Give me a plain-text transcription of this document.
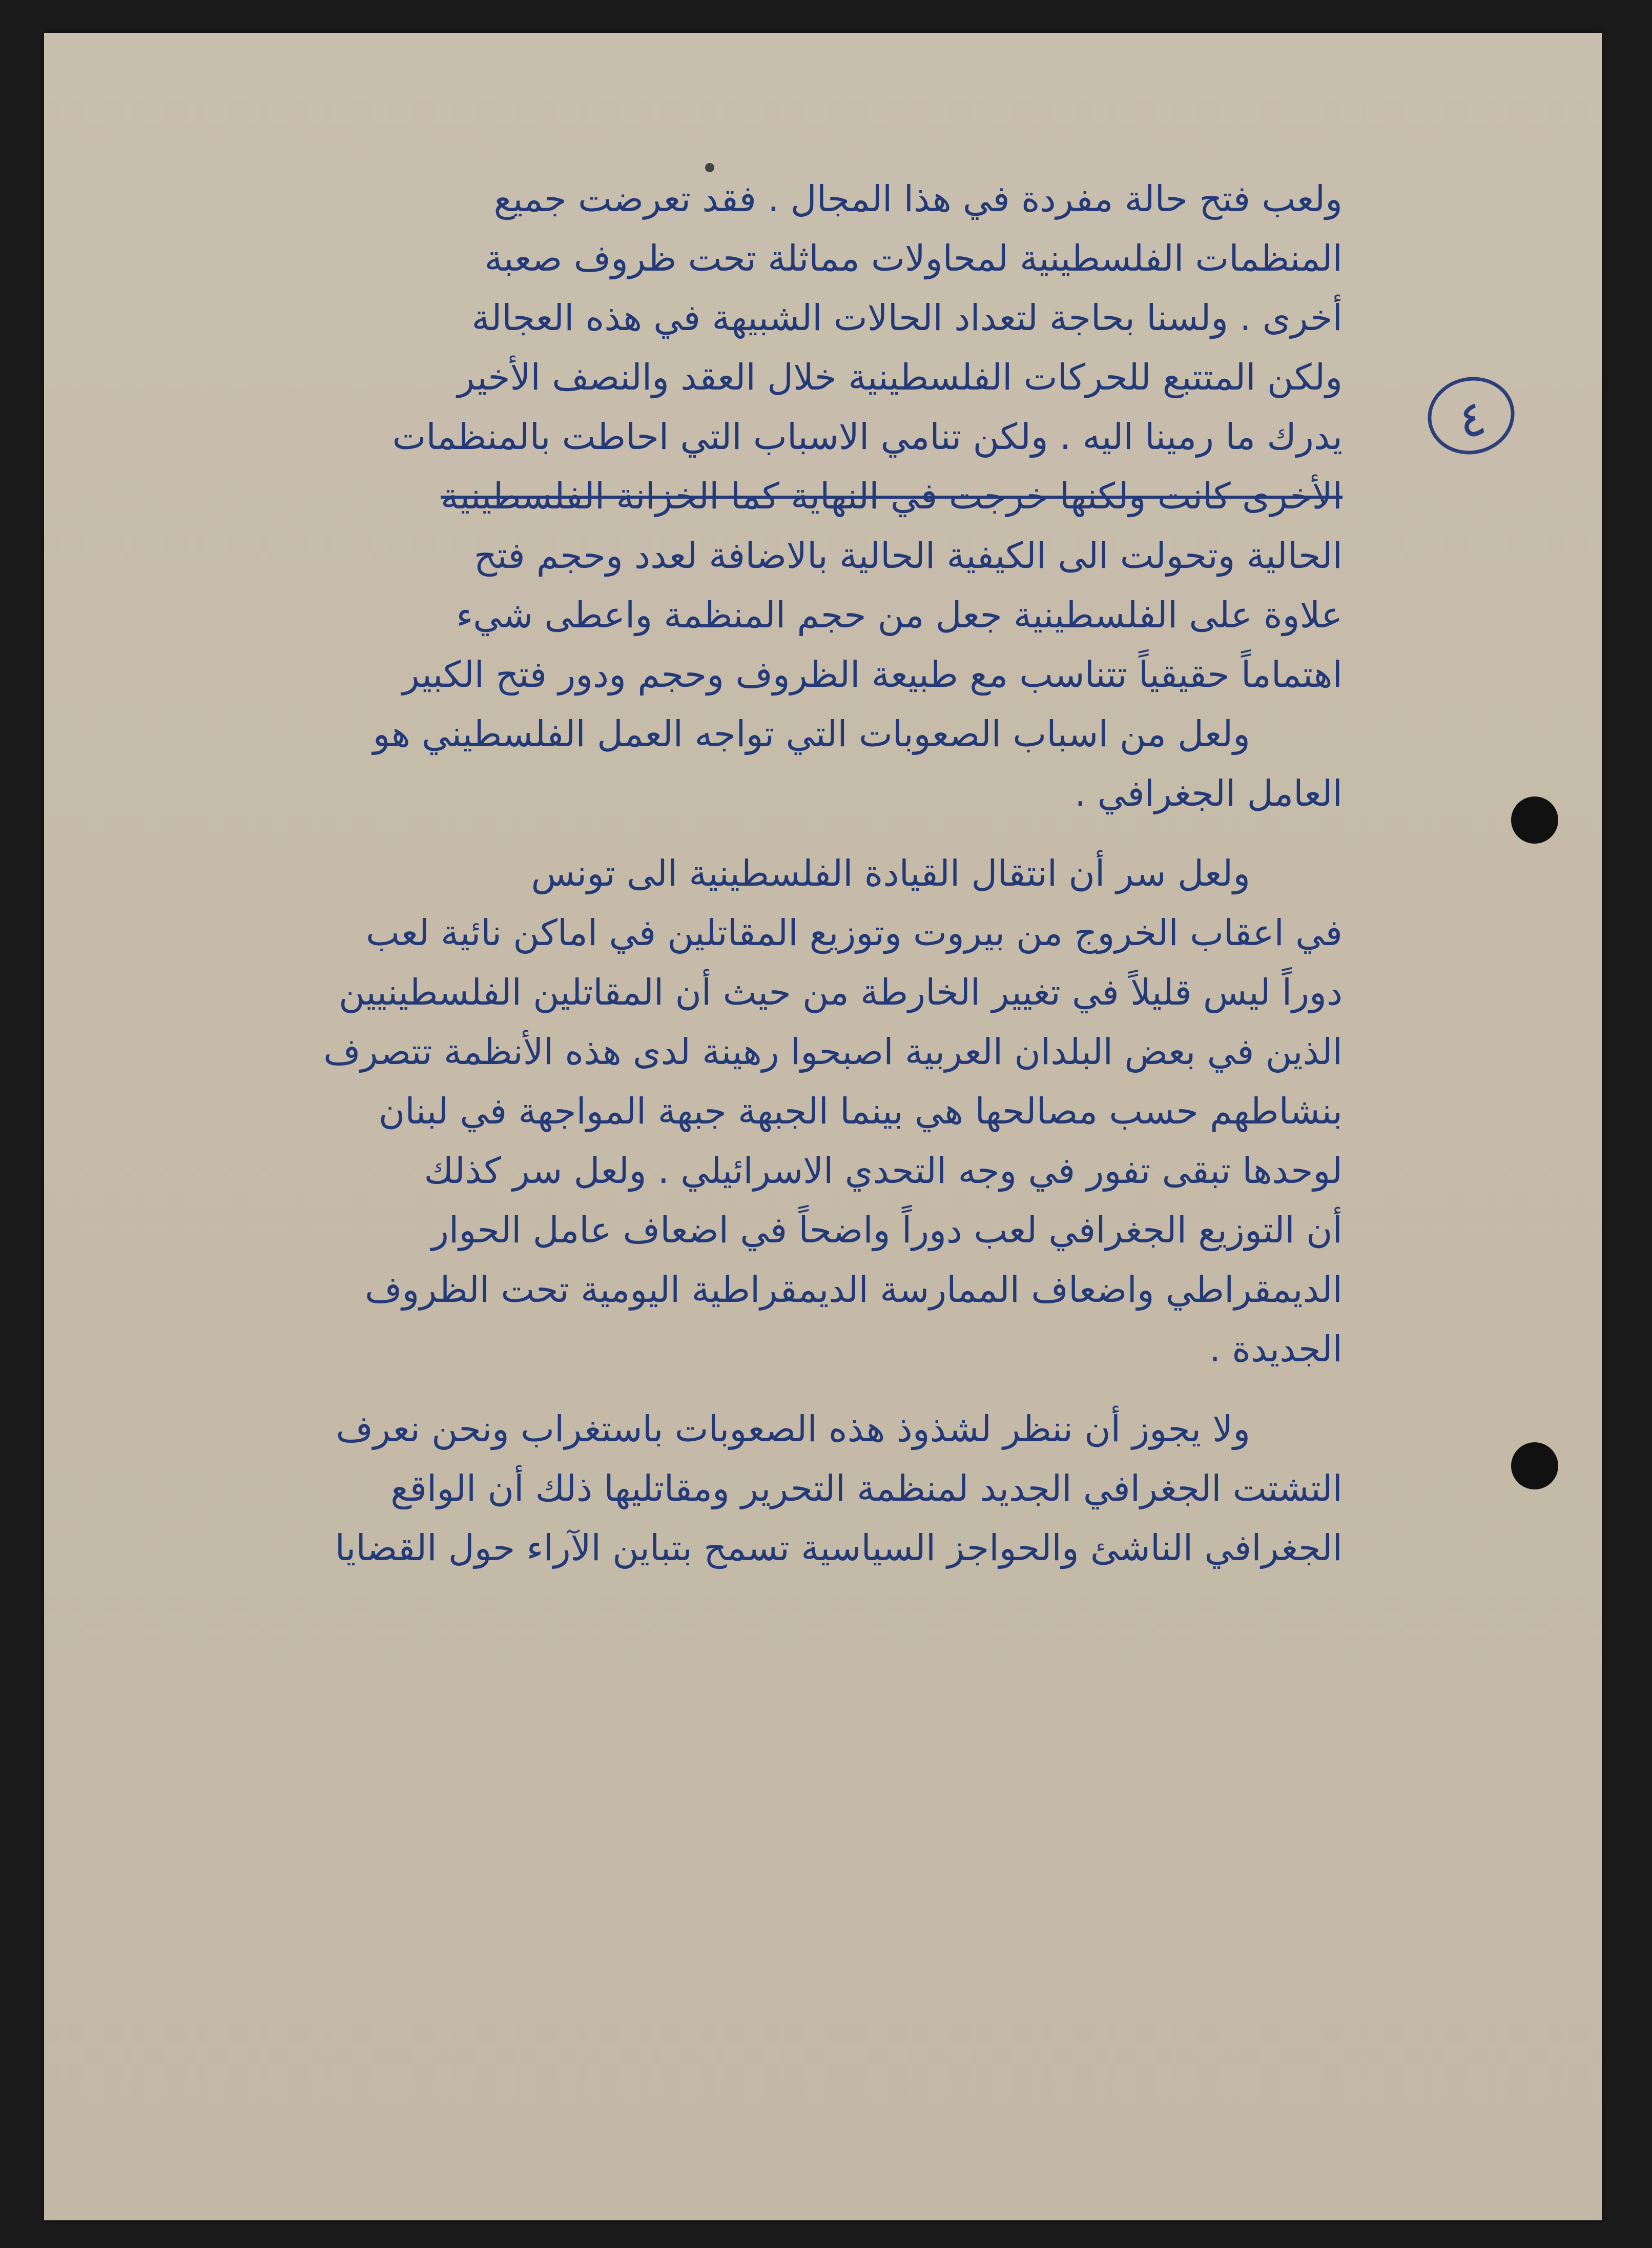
٤
ولعب فتح حالة مفردة في هذا المجال . فقد تعرضت جميع
المنظمات الفلسطينية لمحاولات مماثلة تحت ظروف صعبة
أخرى . ولسنا بحاجة لتعداد الحالات الشبيهة في هذه العجالة
ولكن المتتبع للحركات الفلسطينية خلال العقد والنصف الأخير
يدرك ما رمينا اليه . ولكن تنامي الاسباب التي احاطت بالمنظمات
الأخرى كانت ولكنها خرجت في النهاية كما الخزانة الفلسطينية
الحالية وتحولت الى الكيفية الحالية بالاضافة لعدد وحجم فتح
علاوة على الفلسطينية جعل من حجم المنظمة واعطى شيء
اهتماماً حقيقياً تتناسب مع طبيعة الظروف وحجم ودور فتح الكبير
ولعل من اسباب الصعوبات التي تواجه العمل الفلسطيني هو
العامل الجغرافي .
ولعل سر أن انتقال القيادة الفلسطينية الى تونس
في اعقاب الخروج من بيروت وتوزيع المقاتلين في اماكن نائية لعب
دوراً ليس قليلاً في تغيير الخارطة من حيث أن المقاتلين الفلسطينيين
الذين في بعض البلدان العربية اصبحوا رهينة لدى هذه الأنظمة تتصرف
بنشاطهم حسب مصالحها هي بينما الجبهة جبهة المواجهة في لبنان
لوحدها تبقى تفور في وجه التحدي الاسرائيلي . ولعل سر كذلك
أن التوزيع الجغرافي لعب دوراً واضحاً في اضعاف عامل الحوار
الديمقراطي واضعاف الممارسة الديمقراطية اليومية تحت الظروف
الجديدة .
ولا يجوز أن ننظر لشذوذ هذه الصعوبات باستغراب ونحن نعرف
التشتت الجغرافي الجديد لمنظمة التحرير ومقاتليها ذلك أن الواقع
الجغرافي الناشئ والحواجز السياسية تسمح بتباين الآراء حول القضايا
